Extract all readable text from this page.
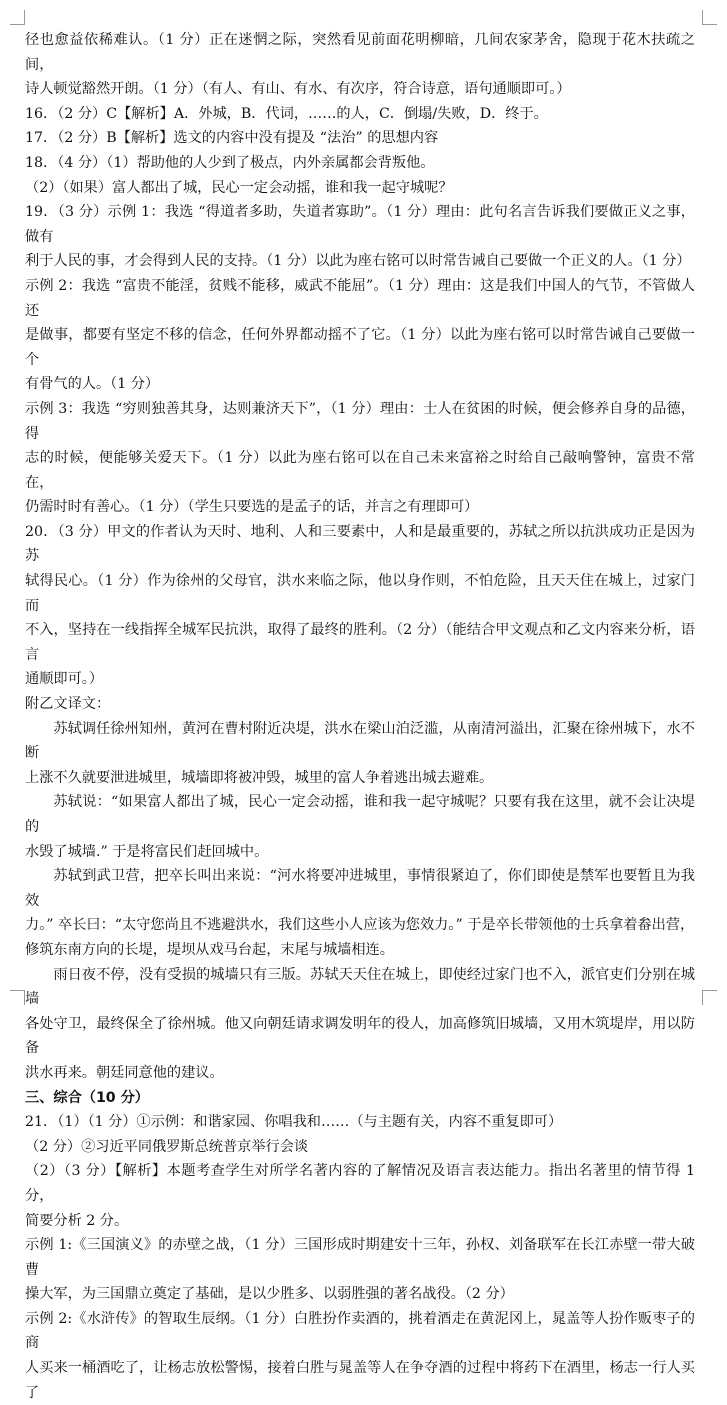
径也愈益依稀难认。（1 分）正在迷惘之际，突然看见前面花明柳暗，几间农家茅舍，隐现于花木扶疏之间，

诗人顿觉豁然开朗。（1 分）（有人、有山、有水、有次序，符合诗意，语句通顺即可。）

16．（2 分）C【解析】A．外城，B．代词，……的人，C．倒塌/失败，D．终于。

17．（2 分）B【解析】选文的内容中没有提及 “法治” 的思想内容

18．（4 分）（1）帮助他的人少到了极点，内外亲属都会背叛他。

（2）（如果）富人都出了城，民心一定会动摇，谁和我一起守城呢？

19．（3 分）示例 1：我选 “得道者多助，失道者寡助”。（1 分）理由：此句名言告诉我们要做正义之事，做有

利于人民的事，才会得到人民的支持。（1 分）以此为座右铭可以时常告诫自己要做一个正义的人。（1 分）

示例 2：我选 “富贵不能淫，贫贱不能移，威武不能屈”。（1 分）理由：这是我们中国人的气节，不管做人还

是做事，都要有坚定不移的信念，任何外界都动摇不了它。（1 分）以此为座右铭可以时常告诫自己要做一个

有骨气的人。（1 分）

示例 3：我选 “穷则独善其身，达则兼济天下”，（1 分）理由：士人在贫困的时候，便会修养自身的品德，得

志的时候，便能够关爱天下。（1 分）以此为座右铭可以在自己未来富裕之时给自己敲响警钟，富贵不常在，

仍需时时有善心。（1 分）（学生只要选的是孟子的话，并言之有理即可）

20．（3 分）甲文的作者认为天时、地利、人和三要素中，人和是最重要的，苏轼之所以抗洪成功正是因为苏

轼得民心。（1 分）作为徐州的父母官，洪水来临之际，他以身作则，不怕危险，且天天住在城上，过家门而

不入，坚持在一线指挥全城军民抗洪，取得了最终的胜利。（2 分）（能结合甲文观点和乙文内容来分析，语言

通顺即可。）

附乙文译文：

苏轼调任徐州知州，黄河在曹村附近决堤，洪水在梁山泊泛滥，从南清河溢出，汇聚在徐州城下，水不断

上涨不久就要泄进城里，城墙即将被冲毁，城里的富人争着逃出城去避难。

苏轼说：“如果富人都出了城，民心一定会动摇，谁和我一起守城呢？只要有我在这里，就不会让决堤的

水毁了城墙.” 于是将富民们赶回城中。

苏轼到武卫营，把卒长叫出来说：“河水将要冲进城里，事情很紧迫了，你们即使是禁军也要暂且为我效

力。” 卒长曰：“太守您尚且不逃避洪水，我们这些小人应该为您效力。” 于是卒长带领他的士兵拿着畚出营，

修筑东南方向的长堤，堤坝从戏马台起，末尾与城墙相连。

雨日夜不停，没有受损的城墙只有三版。苏轼天天住在城上，即使经过家门也不入，派官吏们分别在城墙

各处守卫，最终保全了徐州城。他又向朝廷请求调发明年的役人，加高修筑旧城墙，又用木筑堤岸，用以防备

洪水再来。朝廷同意他的建议。

三、综合（10 分）

21．（1）（1 分）①示例：和谐家园、你唱我和……（与主题有关，内容不重复即可）

（2 分）②习近平同俄罗斯总统普京举行会谈

（2）（3 分）【解析】本题考查学生对所学名著内容的了解情况及语言表达能力。指出名著里的情节得 1 分，

简要分析 2 分。

示例 1:《三国演义》的赤壁之战，（1 分）三国形成时期建安十三年，孙权、刘备联军在长江赤壁一带大破曹

操大军，为三国鼎立奠定了基础，是以少胜多、以弱胜强的著名战役。（2 分）

示例 2:《水浒传》的智取生辰纲。（1 分）白胜扮作卖酒的，挑着酒走在黄泥冈上，晁盖等人扮作贩枣子的商

人买来一桶酒吃了，让杨志放松警惕，接着白胜与晁盖等人在争夺酒的过程中将药下在酒里，杨志一行人买了
